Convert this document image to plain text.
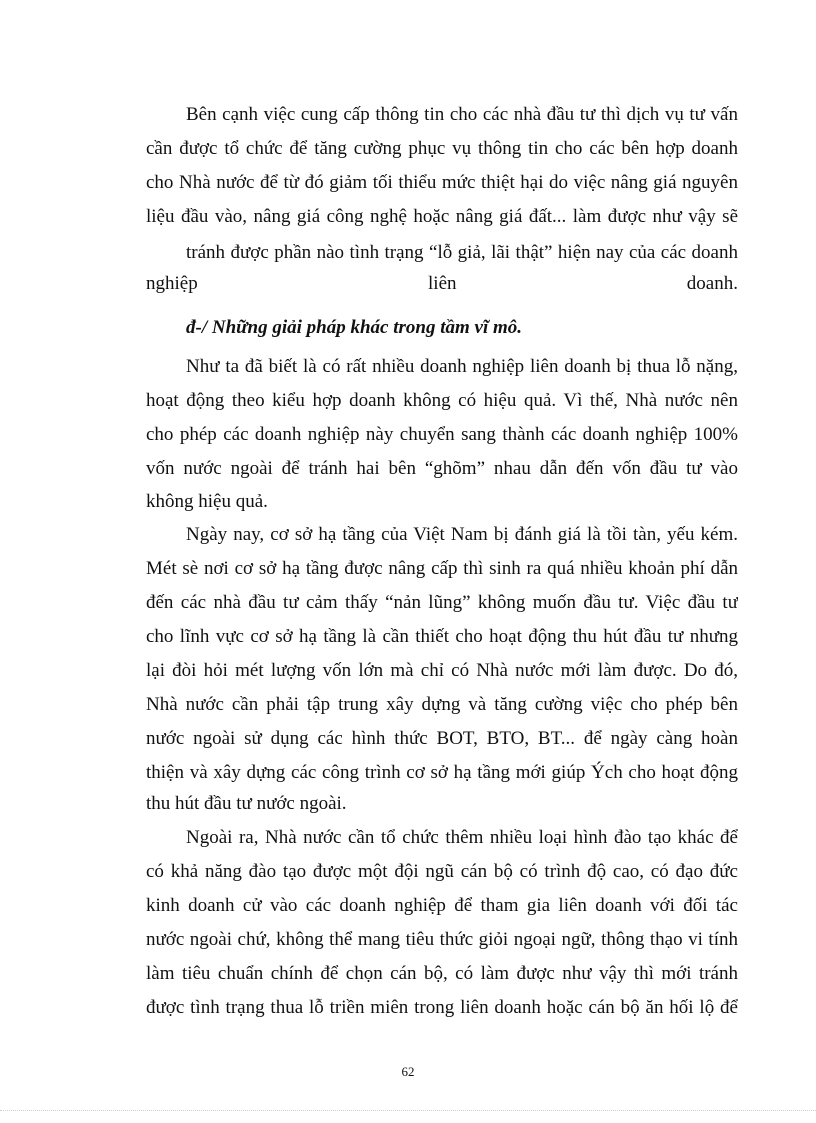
Bên cạnh việc cung cấp thông tin cho các nhà đầu tư thì dịch vụ tư vấn
cần được tổ chức để tăng cường phục vụ thông tin cho các bên hợp doanh
cho Nhà nước để từ đó giảm tối thiểu mức thiệt hại do việc nâng giá nguyên
liệu đầu vào, nâng giá công nghệ hoặc nâng giá đất... làm được như vậy sẽ
tránh được phần nào tình trạng “lỗ giả, lãi thật” hiện nay của các doanh
nghiệp liên doanh.
đ-/ Những giải pháp khác trong tầm vĩ mô.
Như ta đã biết là có rất nhiều doanh nghiệp liên doanh bị thua lỗ nặng,
hoạt động theo kiểu hợp doanh không có hiệu quả. Vì thế, Nhà nước nên
cho phép các doanh nghiệp này chuyển sang thành các doanh nghiệp 100%
vốn nước ngoài để tránh hai bên “ghõm” nhau dẫn đến vốn đầu tư vào
không hiệu quả.
Ngày nay, cơ sở hạ tầng của Việt Nam bị đánh giá là tồi tàn, yếu kém.
Mét sè nơi cơ sở hạ tầng được nâng cấp thì sinh ra quá nhiều khoản phí dẫn
đến các nhà đầu tư cảm thấy “nản lũng” không muốn đầu tư. Việc đầu tư
cho lĩnh vực cơ sở hạ tầng là cần thiết cho hoạt động thu hút đầu tư nhưng
lại đòi hỏi mét lượng vốn lớn mà chỉ có Nhà nước mới làm được. Do đó,
Nhà nước cần phải tập trung xây dựng và tăng cường việc cho phép bên
nước ngoài sử dụng các hình thức BOT, BTO, BT... để ngày càng hoàn
thiện và xây dựng các công trình cơ sở hạ tầng mới giúp Ých cho hoạt động
thu hút đầu tư nước ngoài.
Ngoài ra, Nhà nước cần tổ chức thêm nhiều loại hình đào tạo khác để
có khả năng đào tạo được một đội ngũ cán bộ có trình độ cao, có đạo đức
kinh doanh cử vào các doanh nghiệp để tham gia liên doanh với đối tác
nước ngoài chứ, không thể mang tiêu thức giỏi ngoại ngữ, thông thạo vi tính
làm tiêu chuẩn chính để chọn cán bộ, có làm được như vậy thì mới tránh
được tình trạng thua lỗ triền miên trong liên doanh hoặc cán bộ ăn hối lộ để
62
